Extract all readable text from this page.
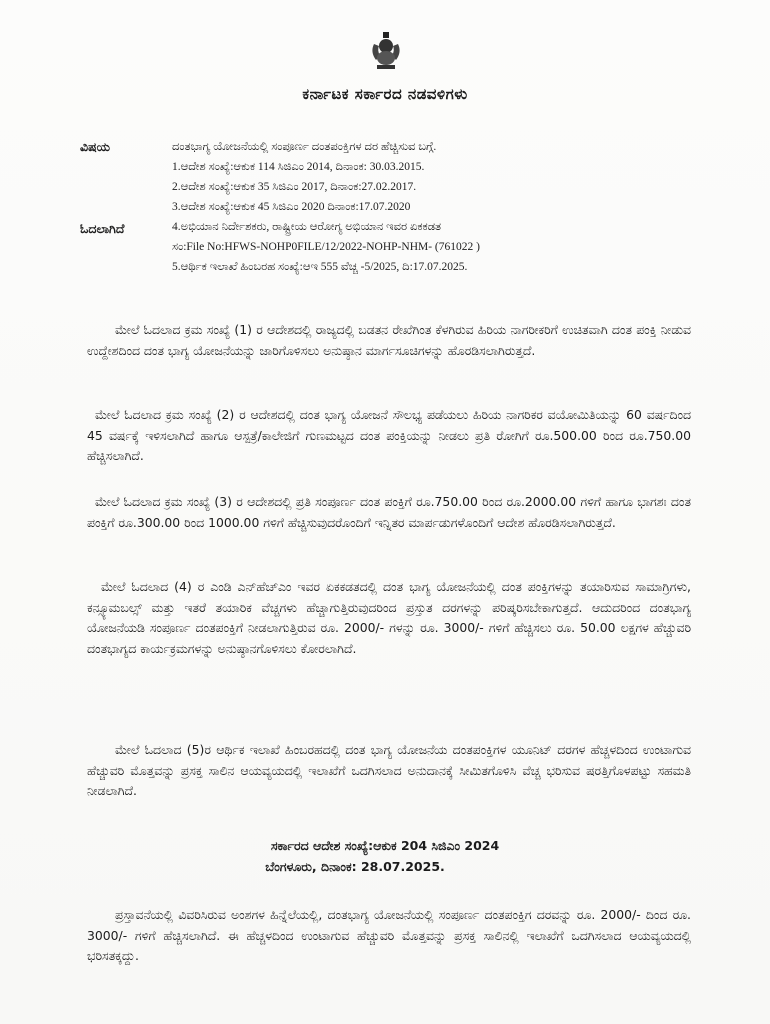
ಕರ್ನಾಟಕ ಸರ್ಕಾರದ ನಡವಳಿಗಳು
ವಿಷಯ	ದಂತಭಾಗ್ಯ ಯೋಜನೆಯಲ್ಲಿ ಸಂಪೂರ್ಣ ದಂತಪಂಕ್ತಿಗಳ ದರ ಹೆಚ್ಚಿಸುವ ಬಗ್ಗೆ.
1.ಆದೇಶ ಸಂಖ್ಯೆ:ಆಕುಕ 114 ಸಿಜಿಎಂ 2014, ದಿನಾಂಕ: 30.03.2015.
2.ಆದೇಶ ಸಂಖ್ಯೆ:ಆಕುಕ 35 ಸಿಜಿಎಂ 2017, ದಿನಾಂಕ:27.02.2017.
3.ಆದೇಶ ಸಂಖ್ಯೆ:ಆಕುಕ 45 ಸಿಜಿಎಂ 2020 ದಿನಾಂಕ:17.07.2020
ಓದಲಾಗಿದೆ	4.ಅಭಿಯಾನ ನಿರ್ದೇಶಕರು, ರಾಷ್ಟ್ರೀಯ ಆರೋಗ್ಯ ಅಭಿಯಾನ ಇವರ ಏಕಕಡತ
ಸಂ:File No:HFWS-NOHP0FILE/12/2022-NOHP-NHM- (761022 )
5.ಆರ್ಥಿಕ ಇಲಾಖೆ ಹಿಂಬರಹ ಸಂಖ್ಯೆ:ಆಇ 555 ವೆಚ್ಚ -5/2025, ದಿ:17.07.2025.
ಮೇಲೆ ಓದಲಾದ ಕ್ರಮ ಸಂಖ್ಯೆ (1) ರ ಆದೇಶದಲ್ಲಿ ರಾಜ್ಯದಲ್ಲಿ ಬಡತನ ರೇಖೆಗಿಂತ ಕೆಳಗಿರುವ ಹಿರಿಯ ನಾಗರೀಕರಿಗೆ ಉಚಿತವಾಗಿ ದಂತ ಪಂಕ್ತಿ ನೀಡುವ ಉದ್ದೇಶದಿಂದ ದಂತ ಭಾಗ್ಯ ಯೋಜನೆಯನ್ನು ಜಾರಿಗೊಳಿಸಲು ಅನುಷ್ಠಾನ ಮಾರ್ಗಸೂಚಿಗಳನ್ನು ಹೊರಡಿಸಲಾಗಿರುತ್ತದೆ.
ಮೇಲೆ ಓದಲಾದ ಕ್ರಮ ಸಂಖ್ಯೆ (2) ರ ಆದೇಶದಲ್ಲಿ ದಂತ ಭಾಗ್ಯ ಯೋಜನೆ ಸೌಲಭ್ಯ ಪಡೆಯಲು ಹಿರಿಯ ನಾಗರಿಕರ ವಯೋಮಿತಿಯನ್ನು 60 ವರ್ಷದಿಂದ 45 ವರ್ಷಕ್ಕೆ ಇಳಿಸಲಾಗಿದೆ ಹಾಗೂ ಆಸ್ಪತ್ರೆ/ಕಾಲೇಜಿಗೆ ಗುಣಮಟ್ಟದ ದಂತ ಪಂಕ್ತಿಯನ್ನು ನೀಡಲು ಪ್ರತಿ ರೋಗಿಗೆ ರೂ.500.00 ರಿಂದ ರೂ.750.00 ಹೆಚ್ಚಿಸಲಾಗಿದೆ.
ಮೇಲೆ ಓದಲಾದ ಕ್ರಮ ಸಂಖ್ಯೆ (3) ರ ಆದೇಶದಲ್ಲಿ ಪ್ರತಿ ಸಂಪೂರ್ಣ ದಂತ ಪಂಕ್ತಿಗೆ ರೂ.750.00 ರಿಂದ ರೂ.2000.00 ಗಳಿಗೆ ಹಾಗೂ ಭಾಗಶಃ ದಂತ ಪಂಕ್ತಿಗೆ ರೂ.300.00 ರಿಂದ 1000.00 ಗಳಿಗೆ ಹೆಚ್ಚಿಸುವುದರೊಂದಿಗೆ ಇನ್ನಿತರ ಮಾರ್ಪಡುಗಳೊಂದಿಗೆ ಆದೇಶ ಹೊರಡಿಸಲಾಗಿರುತ್ತದೆ.
ಮೇಲೆ ಓದಲಾದ (4) ರ ಎಂಡಿ ಎನ್‌ಹೆಚ್‌ಎಂ ಇವರ ಏಕಕಡತದಲ್ಲಿ ದಂತ ಭಾಗ್ಯ ಯೋಜನೆಯಲ್ಲಿ ದಂತ ಪಂಕ್ತಿಗಳನ್ನು ತಯಾರಿಸುವ ಸಾಮಾಗ್ರಿಗಳು, ಕನ್ಸ್ಯೂಮಬಲ್ಸ್ ಮತ್ತು ಇತರೆ ತಯಾರಿಕ ವೆಚ್ಚಗಳು ಹೆಚ್ಚಾಗುತ್ತಿರುವುದರಿಂದ ಪ್ರಸ್ತುತ ದರಗಳನ್ನು ಪರಿಷ್ಕರಿಸಬೇಕಾಗುತ್ತದೆ. ಆದುದರಿಂದ ದಂತಭಾಗ್ಯ ಯೋಜನೆಯಡಿ ಸಂಪೂರ್ಣ ದಂತಪಂಕ್ತಿಗೆ ನೀಡಲಾಗುತ್ತಿರುವ ರೂ. 2000/- ಗಳನ್ನು ರೂ. 3000/- ಗಳಿಗೆ ಹೆಚ್ಚಿಸಲು ರೂ. 50.00 ಲಕ್ಷಗಳ ಹೆಚ್ಚುವರಿ ದಂತಭಾಗ್ಯದ ಕಾರ್ಯಕ್ರಮಗಳನ್ನು ಅನುಷ್ಠಾನಗೊಳಿಸಲು ಕೋರಲಾಗಿದೆ.
ಮೇಲೆ ಓದಲಾದ (5)ರ ಆರ್ಥಿಕ ಇಲಾಖೆ ಹಿಂಬರಹದಲ್ಲಿ ದಂತ ಭಾಗ್ಯ ಯೋಜನೆಯ ದಂತಪಂಕ್ತಿಗಳ ಯೂನಿಟ್ ದರಗಳ ಹೆಚ್ಚಳದಿಂದ ಉಂಟಾಗುವ ಹೆಚ್ಚುವರಿ ಮೊತ್ತವನ್ನು ಪ್ರಸಕ್ತ ಸಾಲಿನ ಆಯವ್ಯಯದಲ್ಲಿ ಇಲಾಖೆಗೆ ಒದಗಿಸಲಾದ ಅನುದಾನಕ್ಕೆ ಸೀಮಿತಗೊಳಿಸಿ ವೆಚ್ಚ ಭರಿಸುವ ಷರತ್ತಿಗೊಳಪಟ್ಟು ಸಹಮತಿ ನೀಡಲಾಗಿದೆ.
ಸರ್ಕಾರದ ಆದೇಶ ಸಂಖ್ಯೆ:ಆಕುಕ 204 ಸಿಜಿಎಂ 2024
ಬೆಂಗಳೂರು, ದಿನಾಂಕ: 28.07.2025.
ಪ್ರಸ್ತಾವನೆಯಲ್ಲಿ ವಿವರಿಸಿರುವ ಅಂಶಗಳ ಹಿನ್ನೆಲೆಯಲ್ಲಿ, ದಂತಭಾಗ್ಯ ಯೋಜನೆಯಲ್ಲಿ ಸಂಪೂರ್ಣ ದಂತಪಂಕ್ತಿಗ ದರವನ್ನು ರೂ. 2000/- ದಿಂದ ರೂ. 3000/- ಗಳಿಗೆ ಹೆಚ್ಚಿಸಲಾಗಿದೆ. ಈ ಹೆಚ್ಚಳದಿಂದ ಉಂಟಾಗುವ ಹೆಚ್ಚುವರಿ ಮೊತ್ತವನ್ನು ಪ್ರಸಕ್ತ ಸಾಲಿನಲ್ಲಿ ಇಲಾಖೆಗೆ ಒದಗಿಸಲಾದ ಆಯವ್ಯಯದಲ್ಲಿ ಭರಿಸತಕ್ಕದ್ದು.
